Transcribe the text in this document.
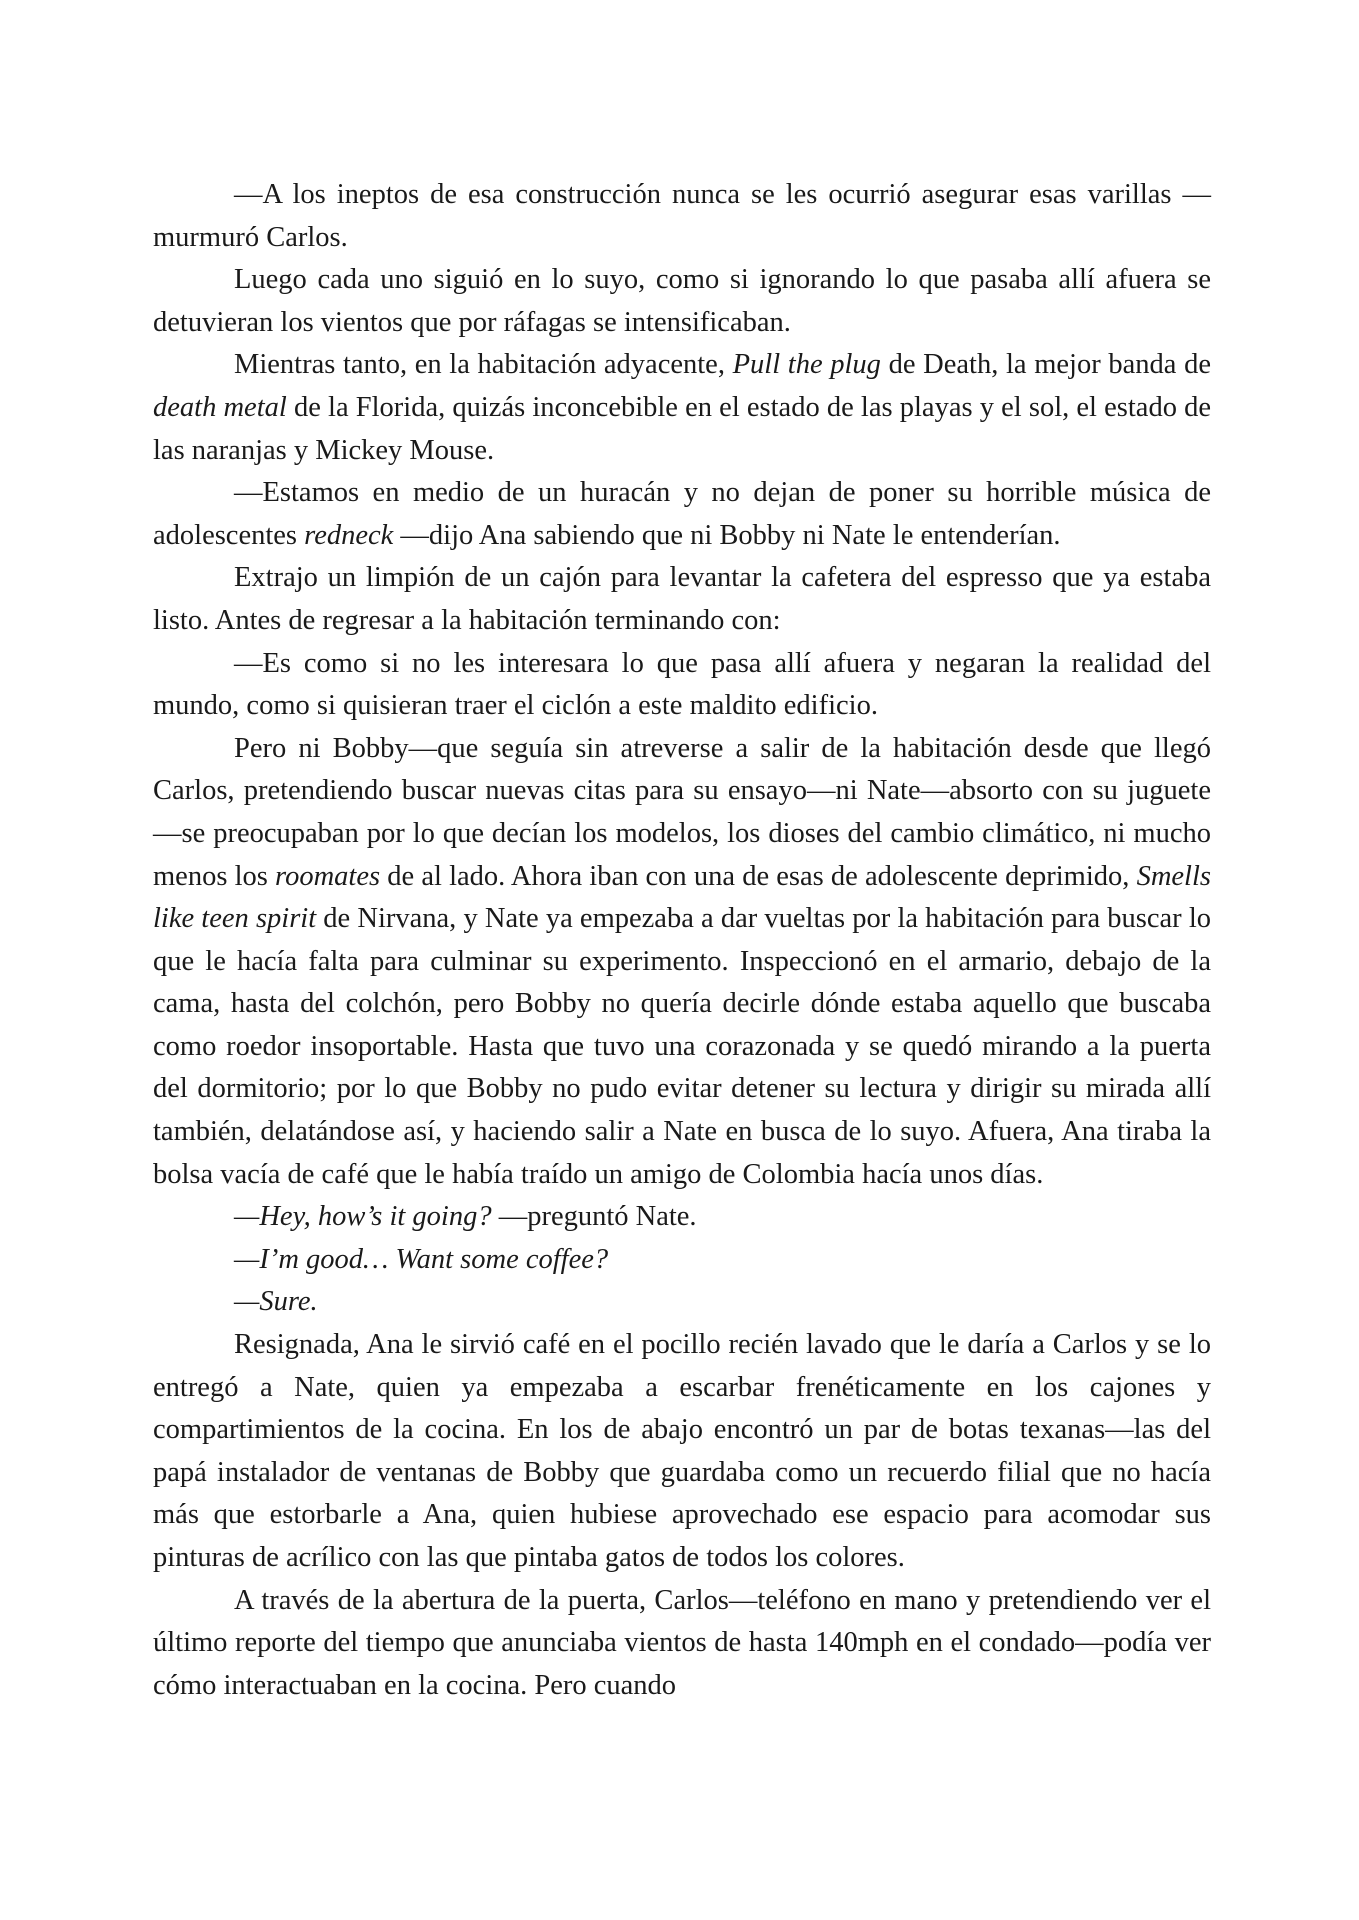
—A los ineptos de esa construcción nunca se les ocurrió asegurar esas varillas —murmuró Carlos.

Luego cada uno siguió en lo suyo, como si ignorando lo que pasaba allí afuera se detuvieran los vientos que por ráfagas se intensificaban.

Mientras tanto, en la habitación adyacente, Pull the plug de Death, la mejor banda de death metal de la Florida, quizás inconcebible en el estado de las playas y el sol, el estado de las naranjas y Mickey Mouse.

—Estamos en medio de un huracán y no dejan de poner su horrible música de adolescentes redneck —dijo Ana sabiendo que ni Bobby ni Nate le entenderían.

Extrajo un limpión de un cajón para levantar la cafetera del espresso que ya estaba listo. Antes de regresar a la habitación terminando con:

—Es como si no les interesara lo que pasa allí afuera y negaran la realidad del mundo, como si quisieran traer el ciclón a este maldito edificio.

Pero ni Bobby—que seguía sin atreverse a salir de la habitación desde que llegó Carlos, pretendiendo buscar nuevas citas para su ensayo—ni Nate—absorto con su juguete—se preocupaban por lo que decían los modelos, los dioses del cambio climático, ni mucho menos los roomates de al lado. Ahora iban con una de esas de adolescente deprimido, Smells like teen spirit de Nirvana, y Nate ya empezaba a dar vueltas por la habitación para buscar lo que le hacía falta para culminar su experimento. Inspeccionó en el armario, debajo de la cama, hasta del colchón, pero Bobby no quería decirle dónde estaba aquello que buscaba como roedor insoportable. Hasta que tuvo una corazonada y se quedó mirando a la puerta del dormitorio; por lo que Bobby no pudo evitar detener su lectura y dirigir su mirada allí también, delatándose así, y haciendo salir a Nate en busca de lo suyo. Afuera, Ana tiraba la bolsa vacía de café que le había traído un amigo de Colombia hacía unos días.

—Hey, how’s it going? —preguntó Nate.

—I’m good… Want some coffee?

—Sure.

Resignada, Ana le sirvió café en el pocillo recién lavado que le daría a Carlos y se lo entregó a Nate, quien ya empezaba a escarbar frenéticamente en los cajones y compartimientos de la cocina. En los de abajo encontró un par de botas texanas—las del papá instalador de ventanas de Bobby que guardaba como un recuerdo filial que no hacía más que estorbarle a Ana, quien hubiese aprovechado ese espacio para acomodar sus pinturas de acrílico con las que pintaba gatos de todos los colores.

A través de la abertura de la puerta, Carlos—teléfono en mano y pretendiendo ver el último reporte del tiempo que anunciaba vientos de hasta 140mph en el condado—podía ver cómo interactuaban en la cocina. Pero cuando
